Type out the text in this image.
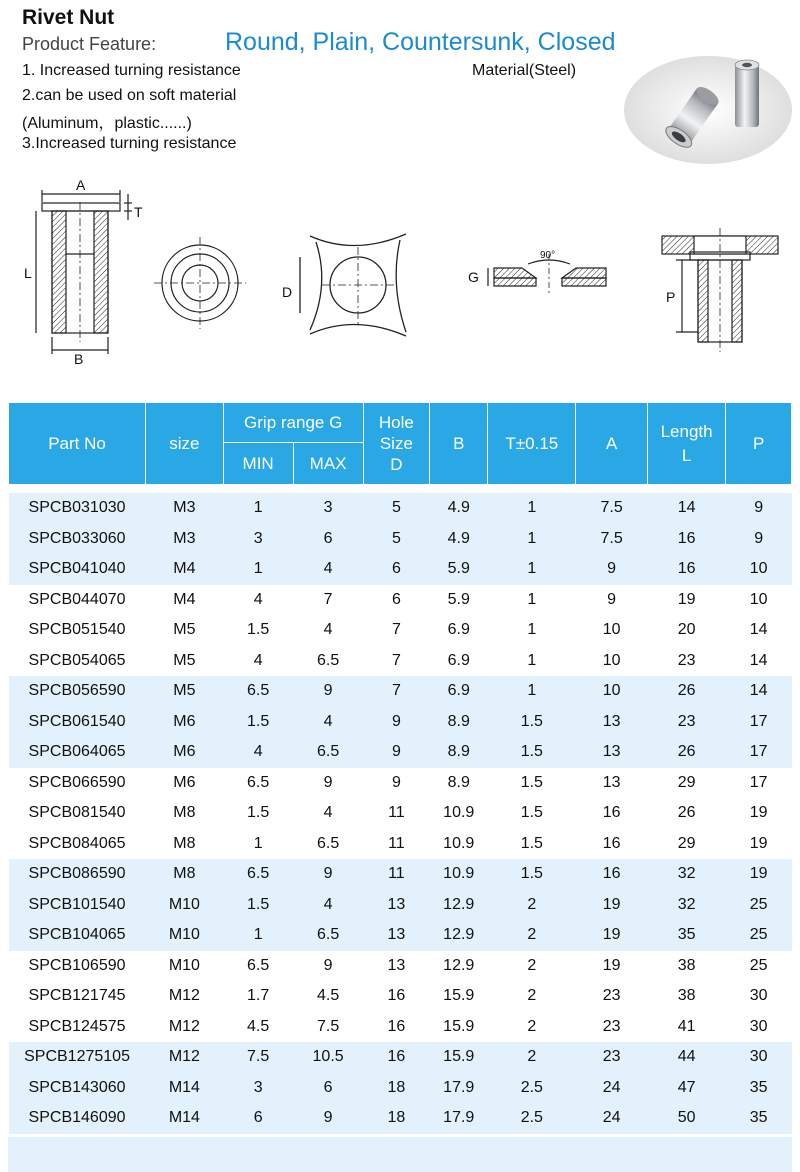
Rivet Nut
Product Feature:	Round, Plain, Countersunk, Closed
1. Increased turning resistance
2.can be used on soft material
(Aluminum，plastic......)
3.Increased turning resistance
Material(Steel)
A
T
L
B
D
90°
G
P
Part No	size	Grip range G		Hole Size D	B	T±0.15	A	Length L	P
		MIN	MAX						

SPCB031030	M3	1	3	5	4.9	1	7.5	14	9
SPCB033060	M3	3	6	5	4.9	1	7.5	16	9
SPCB041040	M4	1	4	6	5.9	1	9	16	10
SPCB044070	M4	4	7	6	5.9	1	9	19	10
SPCB051540	M5	1.5	4	7	6.9	1	10	20	14
SPCB054065	M5	4	6.5	7	6.9	1	10	23	14
SPCB056590	M5	6.5	9	7	6.9	1	10	26	14
SPCB061540	M6	1.5	4	9	8.9	1.5	13	23	17
SPCB064065	M6	4	6.5	9	8.9	1.5	13	26	17
SPCB066590	M6	6.5	9	9	8.9	1.5	13	29	17
SPCB081540	M8	1.5	4	11	10.9	1.5	16	26	19
SPCB084065	M8	1	6.5	11	10.9	1.5	16	29	19
SPCB086590	M8	6.5	9	11	10.9	1.5	16	32	19
SPCB101540	M10	1.5	4	13	12.9	2	19	32	25
SPCB104065	M10	1	6.5	13	12.9	2	19	35	25
SPCB106590	M10	6.5	9	13	12.9	2	19	38	25
SPCB121745	M12	1.7	4.5	16	15.9	2	23	38	30
SPCB124575	M12	4.5	7.5	16	15.9	2	23	41	30
SPCB1275105	M12	7.5	10.5	16	15.9	2	23	44	30
SPCB143060	M14	3	6	18	17.9	2.5	24	47	35
SPCB146090	M14	6	9	18	17.9	2.5	24	50	35
